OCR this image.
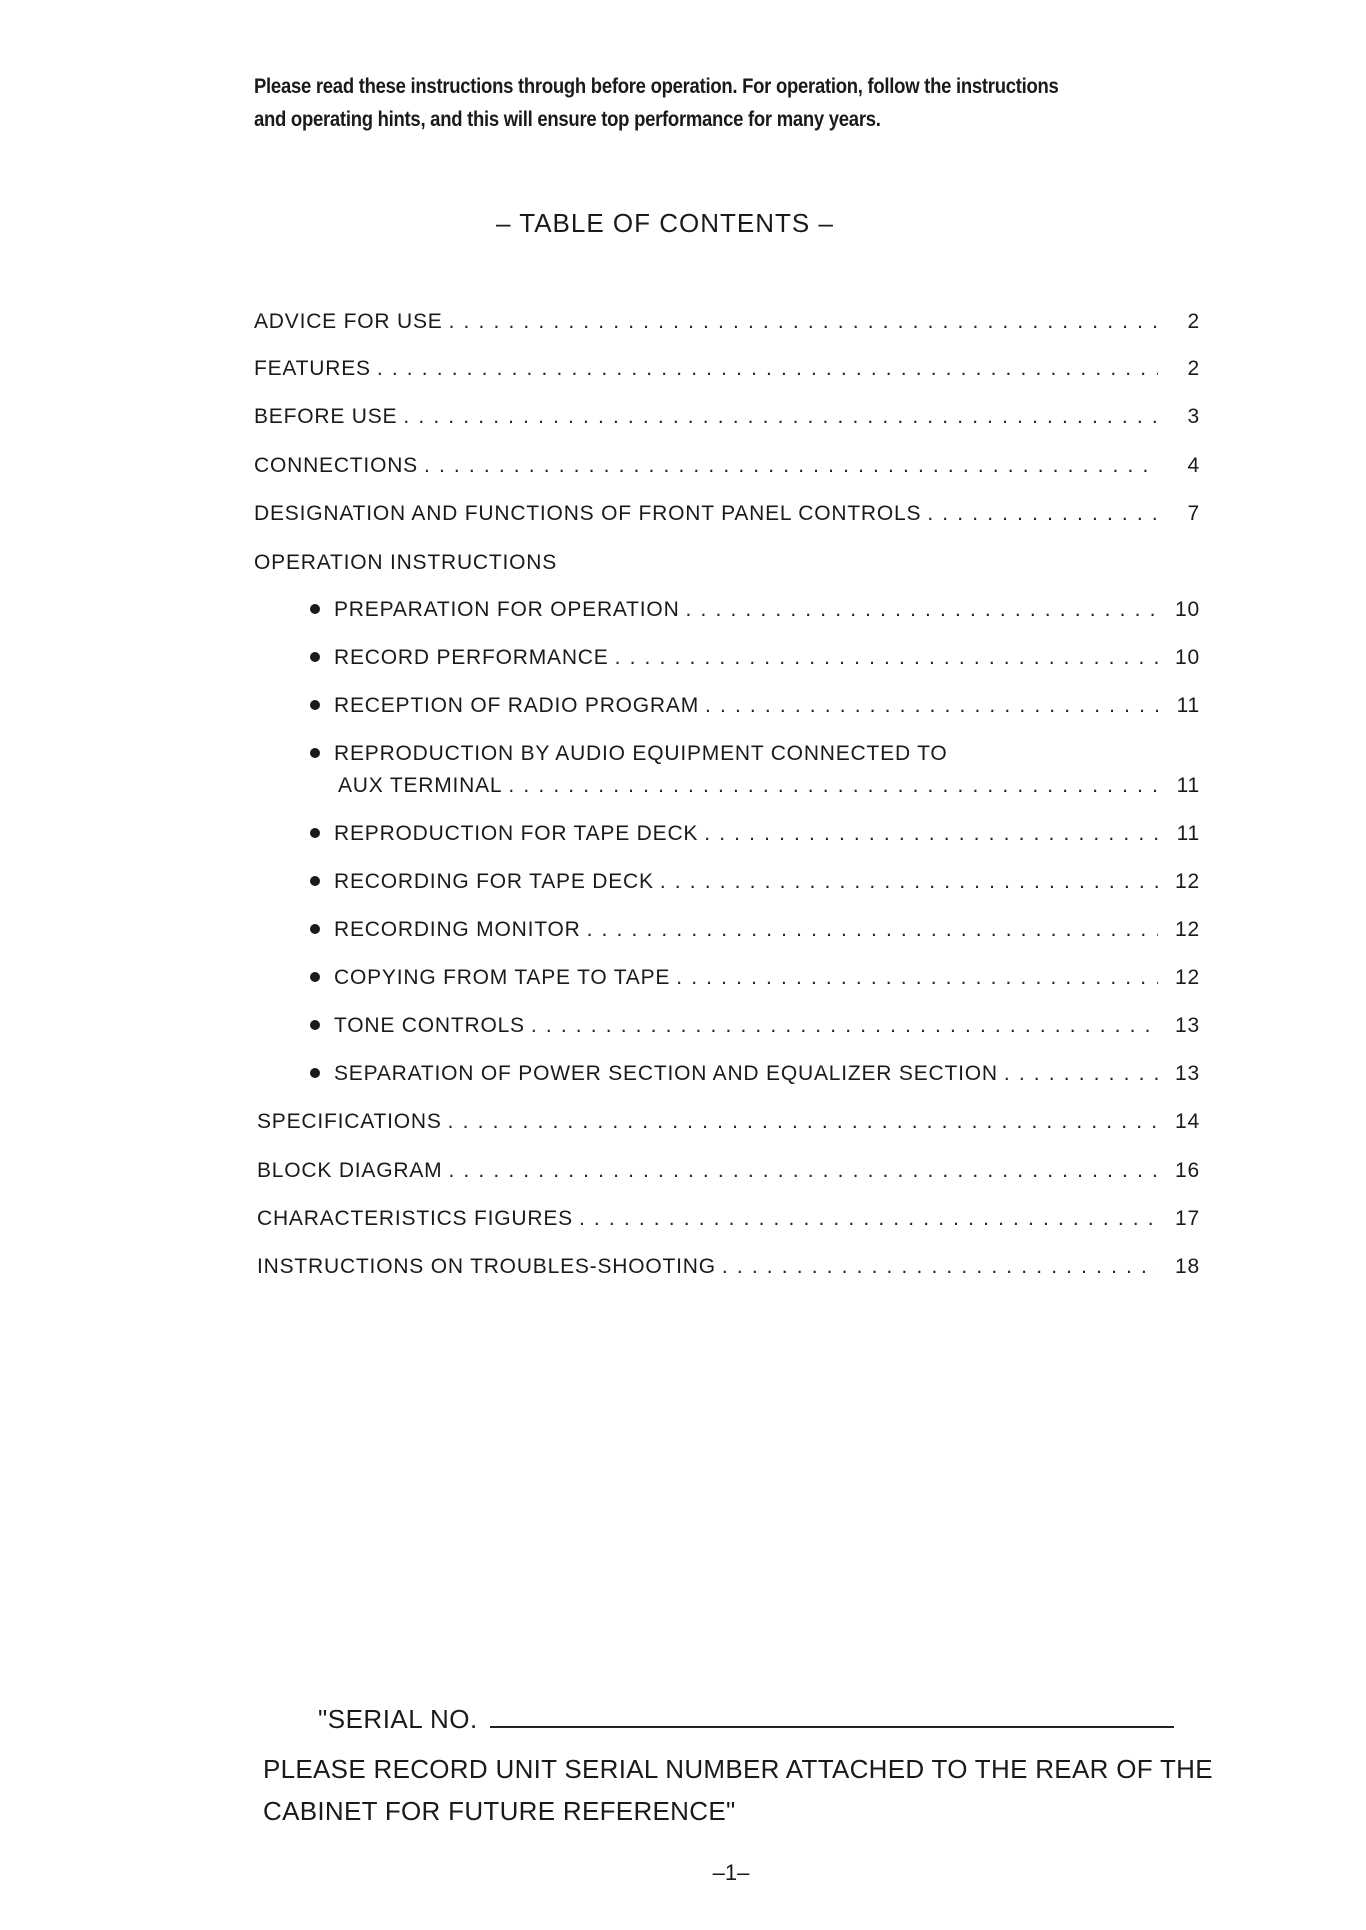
Please read these instructions through before operation. For operation, follow the instructions

and operating hints, and this will ensure top performance for many years.

– TABLE OF CONTENTS –
ADVICE FOR USE . . .	2
FEATURES . . .	2
BEFORE USE . . .	3
CONNECTIONS . . .	4
DESIGNATION AND FUNCTIONS OF FRONT PANEL CONTROLS . . .	7
OPERATION INSTRUCTIONS
PREPARATION FOR OPERATION . . .	10
RECORD PERFORMANCE . . .	10
RECEPTION OF RADIO PROGRAM . . .	11
REPRODUCTION BY AUDIO EQUIPMENT CONNECTED TO
AUX TERMINAL . . .	11
REPRODUCTION FOR TAPE DECK . . .	11
RECORDING FOR TAPE DECK . . .	12
RECORDING MONITOR . . .	12
COPYING FROM TAPE TO TAPE . . .	12
TONE CONTROLS . . .	13
SEPARATION OF POWER SECTION AND EQUALIZER SECTION . . .	13
SPECIFICATIONS . . .	14
BLOCK DIAGRAM . . .	16
CHARACTERISTICS FIGURES . . .	17
INSTRUCTIONS ON TROUBLES-SHOOTING . . .	18
"SERIAL NO.

PLEASE RECORD UNIT SERIAL NUMBER ATTACHED TO THE REAR OF THE

CABINET FOR FUTURE REFERENCE"

–1–
